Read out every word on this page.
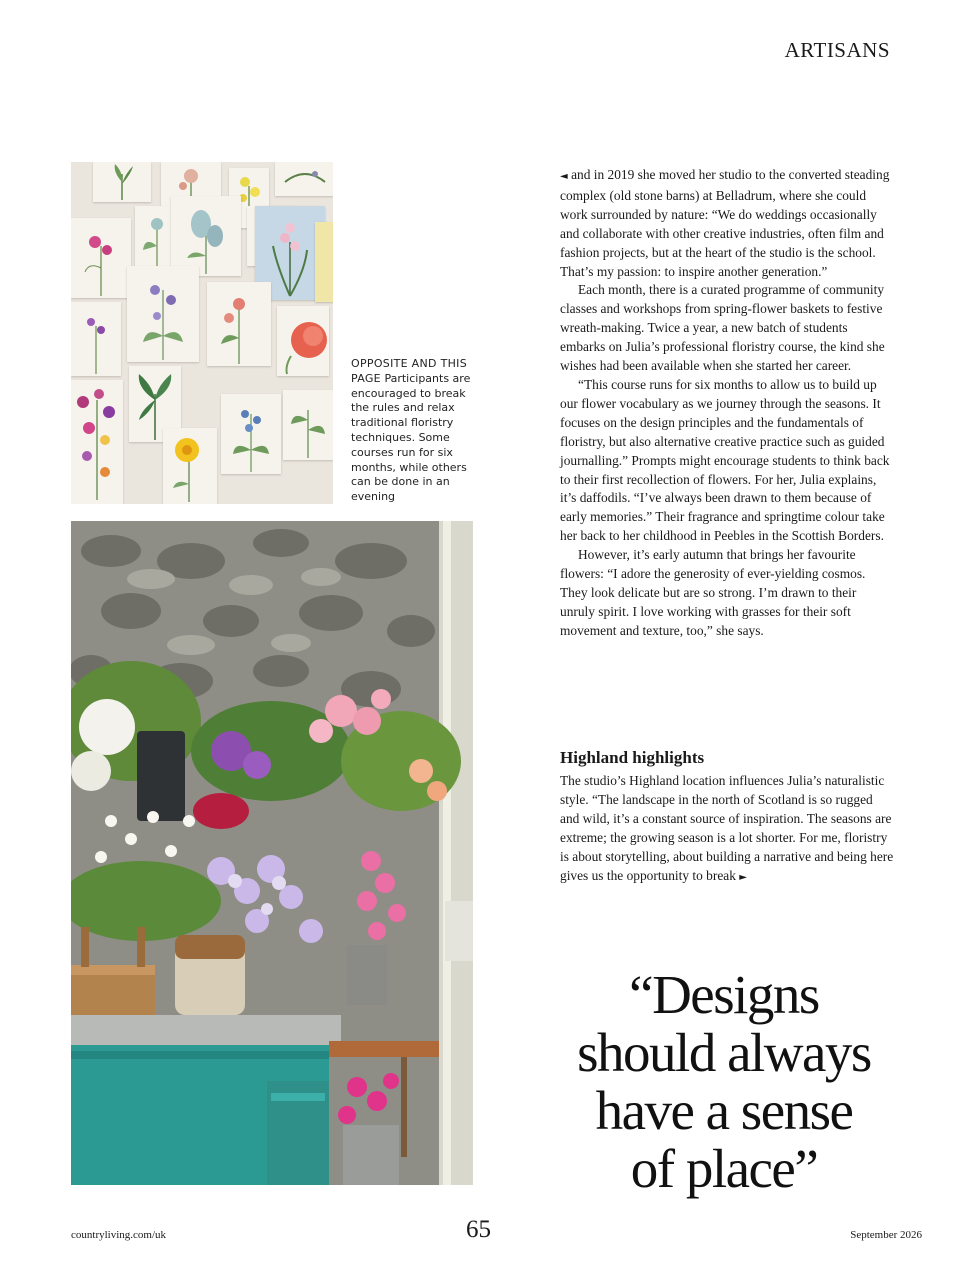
ARTISANS
OPPOSITE AND THIS PAGE Participants are encouraged to break the rules and relax traditional floristry techniques. Some courses run for six months, while others can be done in an evening

◄ and in 2019 she moved her studio to the converted steading complex (old stone barns) at Belladrum, where she could work surrounded by nature: “We do weddings occasionally and collaborate with other creative industries, often film and fashion projects, but at the heart of the studio is the school. That’s my passion: to inspire another generation.”

Each month, there is a curated programme of community classes and workshops from spring-flower baskets to festive wreath-making. Twice a year, a new batch of students embarks on Julia’s professional floristry course, the kind she wishes had been available when she started her career.

“This course runs for six months to allow us to build up our flower vocabulary as we journey through the seasons. It focuses on the design principles and the fundamentals of floristry, but also alternative creative practice such as guided journalling.” Prompts might encourage students to think back to their first recollection of flowers. For her, Julia explains, it’s daffodils. “I’ve always been drawn to them because of early memories.” Their fragrance and springtime colour take her back to her childhood in Peebles in the Scottish Borders.

However, it’s early autumn that brings her favourite flowers: “I adore the generosity of ever-yielding cosmos. They look delicate but are so strong. I’m drawn to their unruly spirit. I love working with grasses for their soft movement and texture, too,” she says.

Highland highlights

The studio’s Highland location influences Julia’s naturalistic style. “The landscape in the north of Scotland is so rugged and wild, it’s a constant source of inspiration. The seasons are extreme; the growing season is a lot shorter. For me, floristry is about storytelling, about building a narrative and being here gives us the opportunity to break ►

“Designs
should always
have a sense
of place”
countryliving.com/uk	65	September 2026
